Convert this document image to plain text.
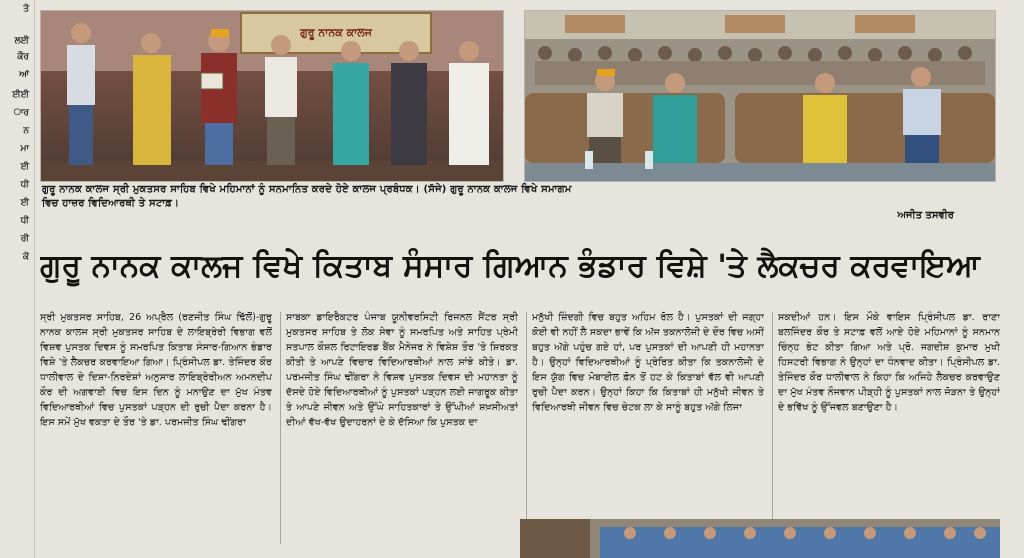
ਤੋ
ਲਈ
ਕੌਰ
ਆਂ
ਈਈ
ਾਰ
ਨ
ਮਾ
ਈ
ਧੀ
ਈ
ਧੀ
ਰੀ
ਕੋ
ਗੁਰੂ ਨਾਨਕ ਕਾਲਜ
ਗੁਰੂ ਨਾਨਕ ਕਾਲਜ ਸ੍ਰੀ ਮੁਕਤਸਰ ਸਾਹਿਬ ਵਿਖੇ ਮਹਿਮਾਨਾਂ ਨੂੰ ਸਨਮਾਨਿਤ ਕਰਦੇ ਹੋਏ ਕਾਲਜ ਪ੍ਰਬੰਧਕ। (ਸੱਜੇ) ਗੁਰੂ ਨਾਨਕ ਕਾਲਜ ਵਿਖੇ ਸਮਾਗਮ
ਵਿਚ ਹਾਜ਼ਰ ਵਿਦਿਆਰਥੀ ਤੇ ਸਟਾਫ਼।
ਅਜੀਤ ਤਸਵੀਰ
ਗੁਰੂ ਨਾਨਕ ਕਾਲਜ ਵਿਖੇ ਕਿਤਾਬ ਸੰਸਾਰ ਗਿਆਨ ਭੰਡਾਰ ਵਿਸ਼ੇ 'ਤੇ ਲੈਕਚਰ ਕਰਵਾਇਆ

ਸ੍ਰੀ ਮੁਕਤਸਰ ਸਾਹਿਬ, 26 ਅਪ੍ਰੈਲ (ਰਣਜੀਤ ਸਿੰਘ ਢਿੱਲੋਂ)-ਗੁਰੂ ਨਾਨਕ ਕਾਲਜ ਸ੍ਰੀ ਮੁਕਤਸਰ ਸਾਹਿਬ ਦੇ ਲਾਇਬ੍ਰੇਰੀ ਵਿਭਾਗ ਵਲੋਂ ਵਿਸ਼ਵ ਪੁਸਤਕ ਦਿਵਸ ਨੂੰ ਸਮਰਪਿਤ ਕਿਤਾਬ ਸੰਸਾਰ-ਗਿਆਨ ਭੰਡਾਰ ਵਿਸ਼ੇ 'ਤੇ ਲੈਕਚਰ ਕਰਵਾਇਆ ਗਿਆ। ਪ੍ਰਿੰਸੀਪਲ ਡਾ. ਤੇਜਿੰਦਰ ਕੌਰ ਧਾਲੀਵਾਲ ਦੇ ਦਿਸ਼ਾ-ਨਿਰਦੇਸ਼ਾਂ ਅਨੁਸਾਰ ਲਾਇਬ੍ਰੇਰੀਅਨ ਅਮਨਦੀਪ ਕੌਰ ਦੀ ਅਗਵਾਈ ਵਿਚ ਇਸ ਦਿਨ ਨੂੰ ਮਨਾਉਣ ਦਾ ਮੁੱਖ ਮੰਤਵ ਵਿਦਿਆਰਥੀਆਂ ਵਿਚ ਪੁਸਤਕਾਂ ਪੜ੍ਹਨ ਦੀ ਰੁਚੀ ਪੈਦਾ ਕਰਨਾ ਹੈ। ਇਸ ਸਮੇਂ ਮੁੱਖ ਵਕਤਾ ਦੇ ਤੌਰ 'ਤੇ ਡਾ. ਪਰਮਜੀਤ ਸਿੰਘ ਢੀਂਗਰਾ

ਸਾਬਕਾ ਡਾਇਰੈਕਟਰ ਪੰਜਾਬ ਯੂਨੀਵਰਸਿਟੀ ਰਿਜਨਲ ਸੈਂਟਰ ਸ੍ਰੀ ਮੁਕਤਸਰ ਸਾਹਿਬ ਤੇ ਲੋਕ ਸੇਵਾ ਨੂੰ ਸਮਰਪਿਤ ਅਤੇ ਸਾਹਿਤ ਪ੍ਰੇਮੀ ਸਤਪਾਲ ਕੌਸ਼ਲ ਰਿਟਾਇਰਡ ਬੈਂਕ ਮੈਨੇਜਰ ਨੇ ਵਿਸ਼ੇਸ਼ ਤੌਰ 'ਤੇ ਸ਼ਿਰਕਤ ਕੀਤੀ ਤੇ ਆਪਣੇ ਵਿਚਾਰ ਵਿਦਿਆਰਥੀਆਂ ਨਾਲ ਸਾਂਝੇ ਕੀਤੇ। ਡਾ. ਪਰਮਜੀਤ ਸਿੰਘ ਢੀਂਗਰਾ ਨੇ ਵਿਸ਼ਵ ਪੁਸਤਕ ਦਿਵਸ ਦੀ ਮਹਾਨਤਾ ਨੂੰ ਦੱਸਦੇ ਹੋਏ ਵਿਦਿਆਰਥੀਆਂ ਨੂੰ ਪੁਸਤਕਾਂ ਪੜ੍ਹਨ ਲਈ ਜਾਗਰੂਕ ਕੀਤਾ ਤੇ ਆਪਣੇ ਜੀਵਨ ਅਤੇ ਉੱਘੇ ਸਾਹਿਤਕਾਰਾਂ ਤੇ ਉੱਘੀਆਂ ਸ਼ਖ਼ਸੀਅਤਾਂ ਦੀਆਂ ਵੱਖ-ਵੱਖ ਉਦਾਹਰਨਾਂ ਦੇ ਕੇ ਦੱਸਿਆ ਕਿ ਪੁਸਤਕ ਦਾ

ਮਨੁੱਖੀ ਜ਼ਿੰਦਗੀ ਵਿਚ ਬਹੁਤ ਅਹਿਮ ਰੋਲ ਹੈ। ਪੁਸਤਕਾਂ ਦੀ ਜਗ੍ਹਾ ਕੋਈ ਵੀ ਨਹੀਂ ਲੈ ਸਕਦਾ ਭਾਵੇਂ ਕਿ ਅੱਜ ਤਕਨਾਲੋਜੀ ਦੇ ਦੌਰ ਵਿਚ ਅਸੀਂ ਬਹੁਤ ਅੱਗੇ ਪਹੁੰਚ ਗਏ ਹਾਂ, ਪਰ ਪੁਸਤਕਾਂ ਦੀ ਆਪਣੀ ਹੀ ਮਹਾਨਤਾ ਹੈ। ਉਨ੍ਹਾਂ ਵਿਦਿਆਰਥੀਆਂ ਨੂੰ ਪ੍ਰੇਰਿਤ ਕੀਤਾ ਕਿ ਤਕਨਾਲੋਜੀ ਦੇ ਇਸ ਯੁੱਗ ਵਿਚ ਮੋਬਾਈਲ ਫ਼ੋਨ ਤੋਂ ਹਟ ਕੇ ਕਿਤਾਬਾਂ ਵੱਲ ਵੀ ਆਪਣੀ ਰੁਚੀ ਪੈਦਾ ਕਰਨ। ਉਨ੍ਹਾਂ ਕਿਹਾ ਕਿ ਕਿਤਾਬਾਂ ਹੀ ਮਨੁੱਖੀ ਜੀਵਨ ਤੇ ਵਿਦਿਆਰਥੀ ਜੀਵਨ ਵਿਚ ਚੇਟਕ ਲਾ ਕੇ ਸਾਨੂੰ ਬਹੁਤ ਅੱਗੇ ਲਿਜਾ

ਸਕਦੀਆਂ ਹਨ। ਇਸ ਮੌਕੇ ਵਾਇਸ ਪ੍ਰਿੰਸੀਪਲ ਡਾ. ਰਾਣਾ ਬਲਜਿੰਦਰ ਕੌਰ ਤੇ ਸਟਾਫ਼ ਵਲੋਂ ਆਏ ਹੋਏ ਮਹਿਮਾਨਾਂ ਨੂੰ ਸਨਮਾਨ ਚਿੰਨ੍ਹ ਭੇਟ ਕੀਤਾ ਗਿਆ ਅਤੇ ਪ੍ਰੋ. ਜਗਦੀਸ਼ ਕੁਮਾਰ ਮੁਖੀ ਹਿਸਟਰੀ ਵਿਭਾਗ ਨੇ ਉਨ੍ਹਾਂ ਦਾ ਧੰਨਵਾਦ ਕੀਤਾ। ਪ੍ਰਿੰਸੀਪਲ ਡਾ. ਤੇਜਿੰਦਰ ਕੌਰ ਧਾਲੀਵਾਲ ਨੇ ਕਿਹਾ ਕਿ ਅਜਿਹੇ ਲੈਕਚਰ ਕਰਵਾਉਣ ਦਾ ਮੁੱਖ ਮੰਤਵ ਨੌਜਵਾਨ ਪੀੜ੍ਹੀ ਨੂੰ ਪੁਸਤਕਾਂ ਨਾਲ ਜੋੜਨਾ ਤੇ ਉਨ੍ਹਾਂ ਦੇ ਭਵਿੱਖ ਨੂੰ ਉੱਜਵਲ ਬਣਾਉਣਾ ਹੈ।
